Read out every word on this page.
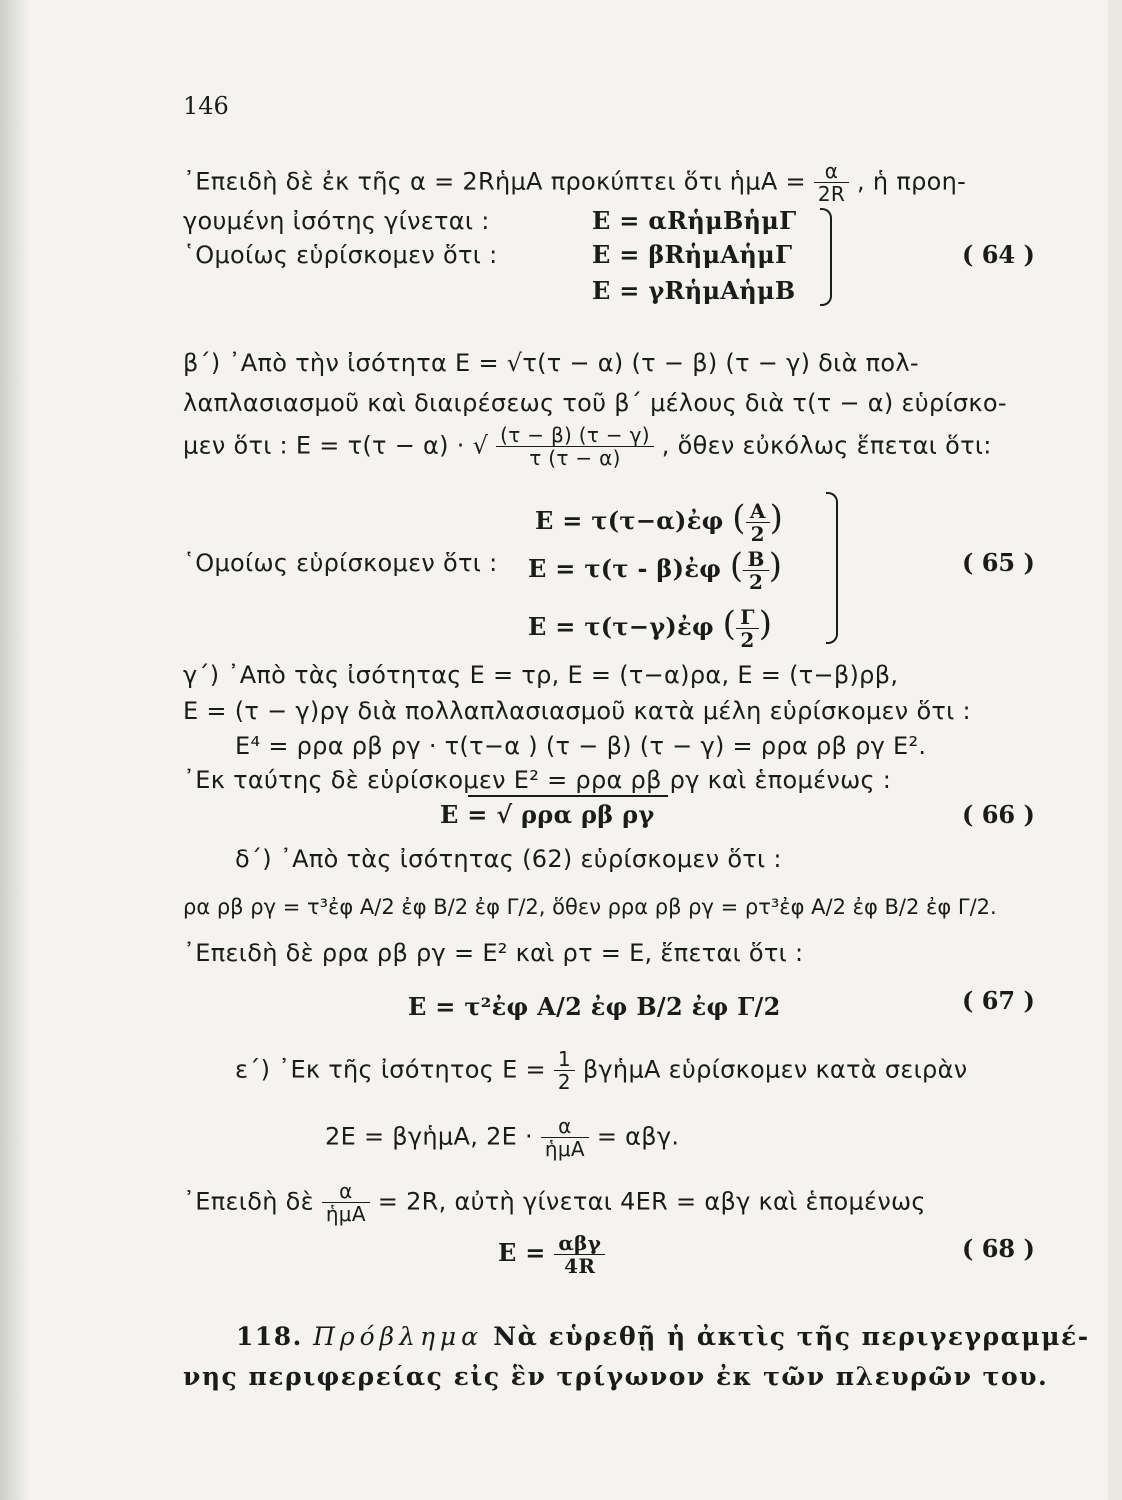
146
᾿Επειδὴ δὲ ἐκ τῆς α = 2RἡμA προκύπτει ὅτι ἡμA = $\frac{\alpha}{2R}$ , ἡ προη-
γουμένη ἰσότης γίνεται :	E = αRἡμBἡμΓ
῾Ομοίως εὑρίσκομεν ὅτι :	E = βRἡμAἡμΓ
E = γRἡμAἡμB
( 64 )
β΄) ᾿Απὸ τὴν ἰσότητα E = √τ(τ − α) (τ − β) (τ − γ) διὰ πολ-
λαπλασιασμοῦ καὶ διαιρέσεως τοῦ β΄ μέλους διὰ τ(τ − α) εὑρίσκο-
μεν ὅτι : E = τ(τ − α) · √ $\frac{(\tau - \beta) (\tau - \gamma)}{\tau (\tau - \alpha)}$ , ὅθεν εὐκόλως ἕπεται ὅτι:
E = τ(τ−α)ἐφ ( $\frac{A}{2}$ )
῾Ομοίως εὑρίσκομεν ὅτι : E = τ(τ - β)ἐφ ( $\frac{B}{2}$ )
E = τ(τ−γ)ἐφ ( $\frac{\Gamma}{2}$ )
( 65 )
γ΄) ᾿Απὸ τὰς ἰσότητας E = τρ, E = (τ−α)ρα, E = (τ−β)ρβ,
E = (τ − γ)ργ διὰ πολλαπλασιασμοῦ κατὰ μέλη εὑρίσκομεν ὅτι :
E⁴ = ρρα ρβ ργ · τ(τ−α ) (τ − β) (τ − γ) = ρρα ρβ ργ E².
᾿Εκ ταύτης δὲ εὑρίσκομεν E² = ρρα ρβ ργ καὶ ἑπομένως :
E = √ ρρα ρβ ργ	( 66 )
δ΄) ᾿Απὸ τὰς ἰσότητας (62) εὑρίσκομεν ὅτι :
ρα ρβ ργ = τ³ἐφ A/2 ἐφ B/2 ἐφ Γ/2, ὅθεν ρρα ρβ ργ = ρτ³ἐφ A/2 ἐφ B/2 ἐφ Γ/2.
᾿Επειδὴ δὲ ρρα ρβ ργ = E² καὶ ρτ = E, ἕπεται ὅτι :
E = τ²ἐφ A/2 ἐφ B/2 ἐφ Γ/2	( 67 )
ε΄) ᾿Εκ τῆς ἰσότητος $E = \frac{1}{2}$ βγἡμA εὑρίσκομεν κατὰ σειρὰν
2E = βγἡμA, $2E \cdot \frac{\alpha}{\text{ἡμA}} = \alpha\beta\gamma$.
᾿Επειδὴ δὲ $\frac{\alpha}{\text{ἡμA}} = 2R$, αὐτὴ γίνεται 4ER = αβγ καὶ ἑπομένως
$E = \frac{\text{αβγ}}{4R}$	( 68 )
118. Πρόβλημα Νὰ εὑρεθῇ ἡ ἀκτὶς τῆς περιγεγραμμέ-
νης περιφερείας εἰς ἓν τρίγωνον ἐκ τῶν πλευρῶν του.
